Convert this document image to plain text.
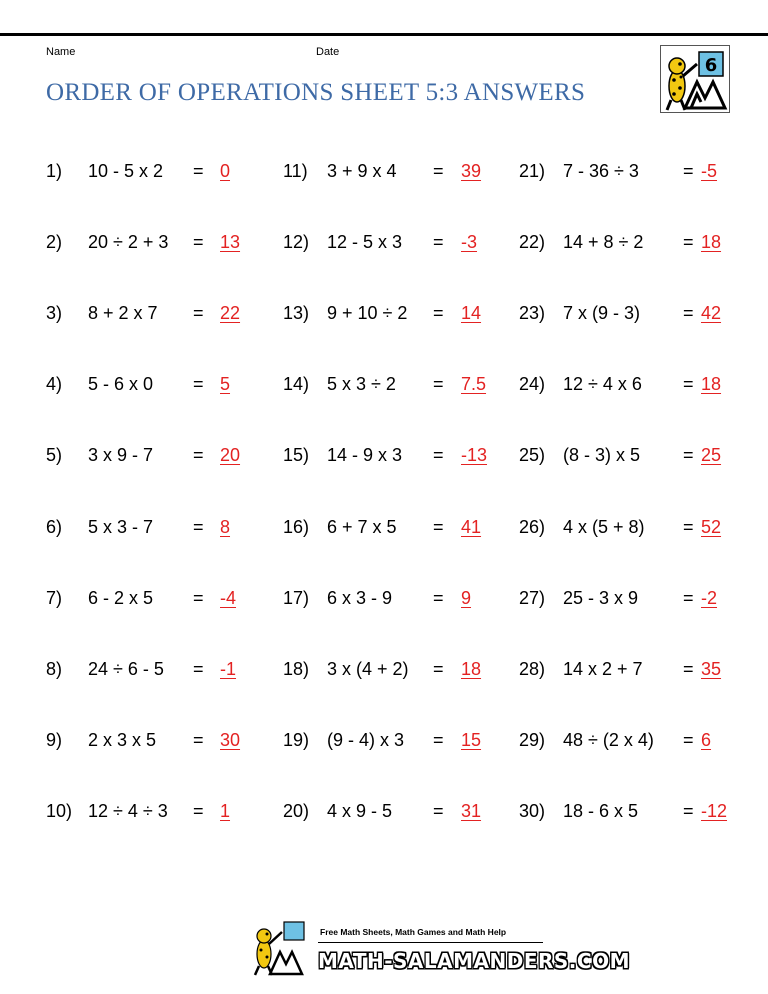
Name	Date
ORDER OF OPERATIONS SHEET 5:3 ANSWERS
6
1) 10 - 5 x 2 = 0
2) 20 ÷ 2 + 3 = 13
3) 8 + 2 x 7 = 22
4) 5 - 6 x 0 = 5
5) 3 x 9 - 7 = 20
6) 5 x 3 - 7 = 8
7) 6 - 2 x 5 = -4
8) 24 ÷ 6 - 5 = -1
9) 2 x 3 x 5 = 30
10) 12 ÷ 4 ÷ 3 = 1
11) 3 + 9 x 4 = 39
12) 12 - 5 x 3 = -3
13) 9 + 10 ÷ 2 = 14
14) 5 x 3 ÷ 2 = 7.5
15) 14 - 9 x 3 = -13
16) 6 + 7 x 5 = 41
17) 6 x 3 - 9 = 9
18) 3 x (4 + 2) = 18
19) (9 - 4) x 3 = 15
20) 4 x 9 - 5 = 31
21) 7 - 36 ÷ 3 = -5
22) 14 + 8 ÷ 2 = 18
23) 7 x (9 - 3) = 42
24) 12 ÷ 4 x 6 = 18
25) (8 - 3) x 5 = 25
26) 4 x (5 + 8) = 52
27) 25 - 3 x 9 = -2
28) 14 x 2 + 7 = 35
29) 48 ÷ (2 x 4) = 6
30) 18 - 6 x 5 = -12
Free Math Sheets, Math Games and Math Help
MATH-SALAMANDERS.COM
